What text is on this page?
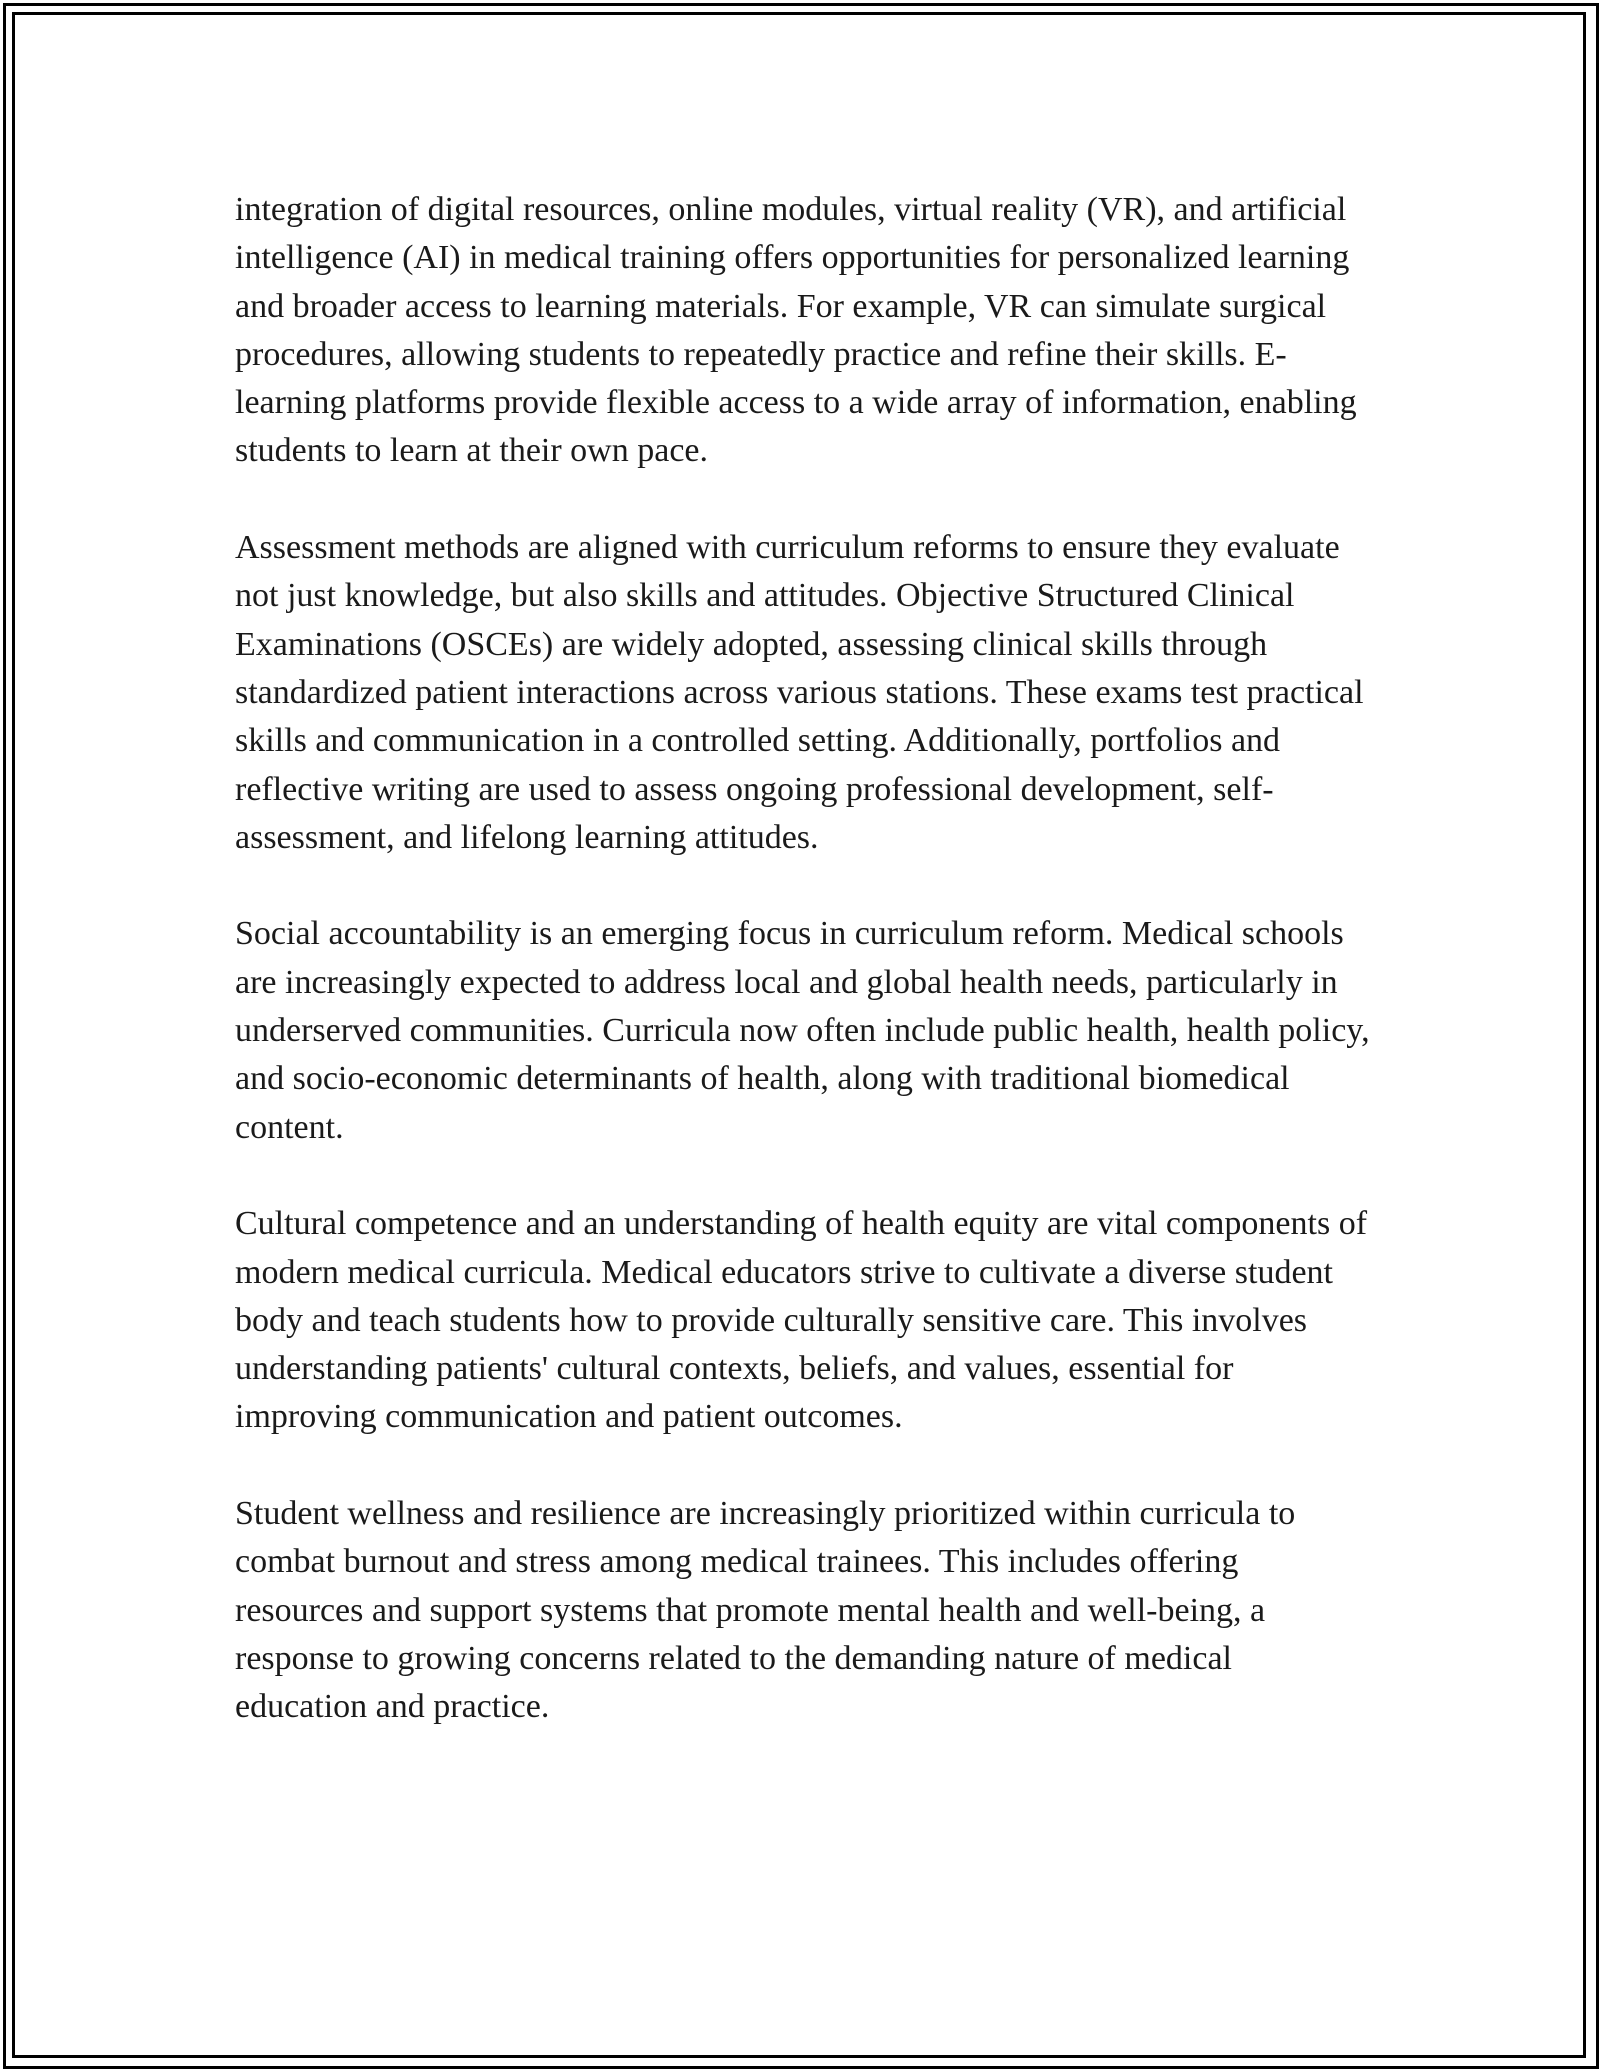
integration of digital resources, online modules, virtual reality (VR), and artificial intelligence (AI) in medical training offers opportunities for personalized learning and broader access to learning materials. For example, VR can simulate surgical procedures, allowing students to repeatedly practice and refine their skills. E-learning platforms provide flexible access to a wide array of information, enabling students to learn at their own pace.

Assessment methods are aligned with curriculum reforms to ensure they evaluate not just knowledge, but also skills and attitudes. Objective Structured Clinical Examinations (OSCEs) are widely adopted, assessing clinical skills through standardized patient interactions across various stations. These exams test practical skills and communication in a controlled setting. Additionally, portfolios and reflective writing are used to assess ongoing professional development, self-assessment, and lifelong learning attitudes.

Social accountability is an emerging focus in curriculum reform. Medical schools are increasingly expected to address local and global health needs, particularly in underserved communities. Curricula now often include public health, health policy, and socio-economic determinants of health, along with traditional biomedical content.

Cultural competence and an understanding of health equity are vital components of modern medical curricula. Medical educators strive to cultivate a diverse student body and teach students how to provide culturally sensitive care. This involves understanding patients' cultural contexts, beliefs, and values, essential for improving communication and patient outcomes.

Student wellness and resilience are increasingly prioritized within curricula to combat burnout and stress among medical trainees. This includes offering resources and support systems that promote mental health and well-being, a response to growing concerns related to the demanding nature of medical education and practice.
